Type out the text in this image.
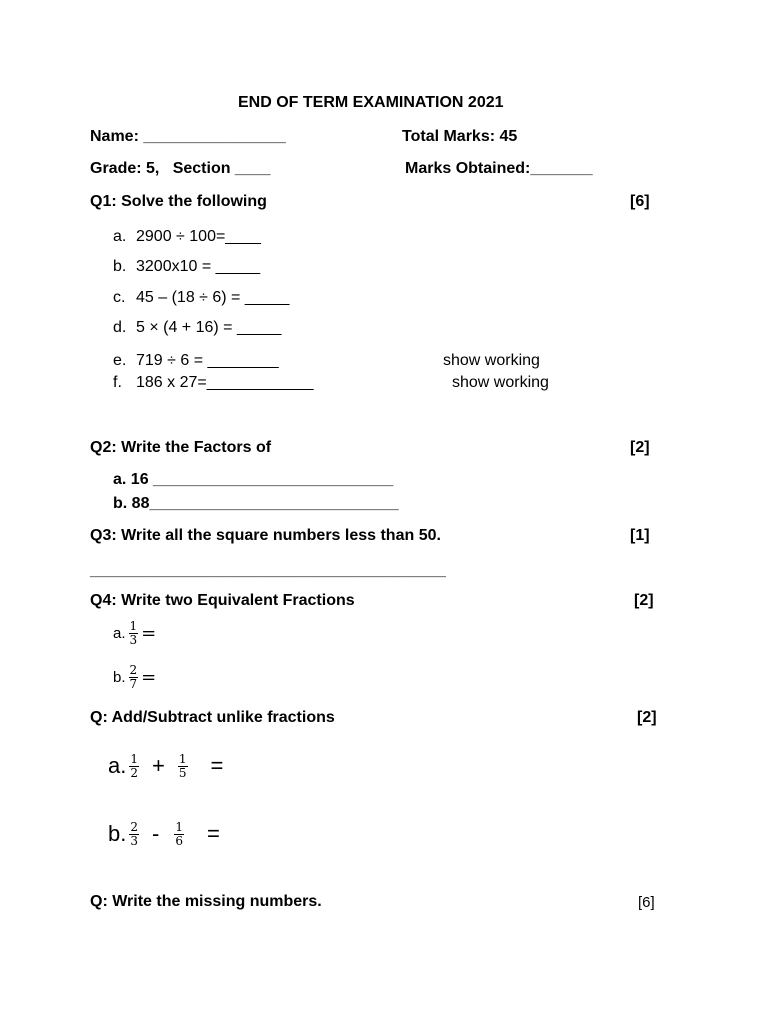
END OF TERM EXAMINATION 2021
Name: ________________	Total Marks: 45
Grade: 5,   Section ____	Marks Obtained:_______
Q1: Solve the following	[6]
a. 2900 ÷ 100=____
b. 3200x10 = _____
c. 45 – (18 ÷ 6) = _____
d. 5 × (4 + 16) = _____
e. 719 ÷ 6 = ________	show working
f. 186 x 27=____________	show working
Q2: Write the Factors of	[2]
a. 16 ___________________________
b. 88____________________________
Q3: Write all the square numbers less than 50.	[1]
________________________________________
Q4: Write two Equivalent Fractions	[2]
a. $\frac{1}{3}$ =
b. $\frac{2}{7}$ =
Q: Add/Subtract unlike fractions	[2]
a. $\frac{1}{2} + \frac{1}{5}$ =
b. $\frac{2}{3} - \frac{1}{6}$ =
Q: Write the missing numbers.	[6]
